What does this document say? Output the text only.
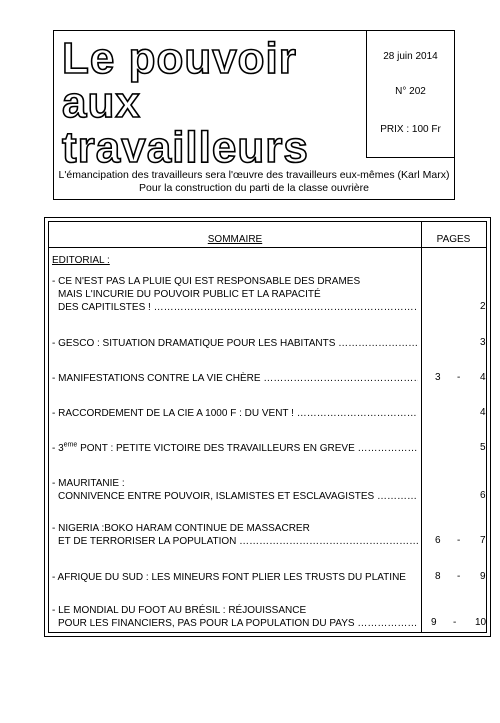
Le pouvoir
aux
travailleurs
28 juin 2014
N° 202
PRIX : 100 Fr
L'émancipation des travailleurs sera l'œuvre des travailleurs eux-mêmes (Karl Marx)
Pour la construction du parti de la classe ouvrière
SOMMAIRE	PAGES
EDITORIAL :
- CE N'EST PAS LA PLUIE QUI EST RESPONSABLE DES DRAMES
MAIS L'INCURIE DU POUVOIR PUBLIC ET LA RAPACITÉ
DES CAPITILSTES ! ……………………………………………………………………………………………………	2
- GESCO : SITUATION DRAMATIQUE POUR LES HABITANTS ……………………………………………………………………………………………………	3
- MANIFESTATIONS CONTRE LA VIE CHÈRE ……………………………………………………………………………………………………	3 - 4
- RACCORDEMENT DE LA CIE A 1000 F : DU VENT ! ……………………………………………………………………………………………………	4
- 3ème PONT : PETITE VICTOIRE DES TRAVAILLEURS EN GREVE ……………………………………………………………………………………………………	5
- MAURITANIE :
CONNIVENCE ENTRE POUVOIR, ISLAMISTES ET ESCLAVAGISTES ……………………………………………………………………………………………………	6
- NIGERIA :BOKO HARAM CONTINUE DE MASSACRER
ET DE TERRORISER LA POPULATION ……………………………………………………………………………………………………	6 - 7
- AFRIQUE DU SUD : LES MINEURS FONT PLIER LES TRUSTS DU PLATINE	8 - 9
- LE MONDIAL DU FOOT AU BRÉSIL : RÉJOUISSANCE
POUR LES FINANCIERS, PAS POUR LA POPULATION DU PAYS ……………………………………………………………………………………………………	9 - 10
